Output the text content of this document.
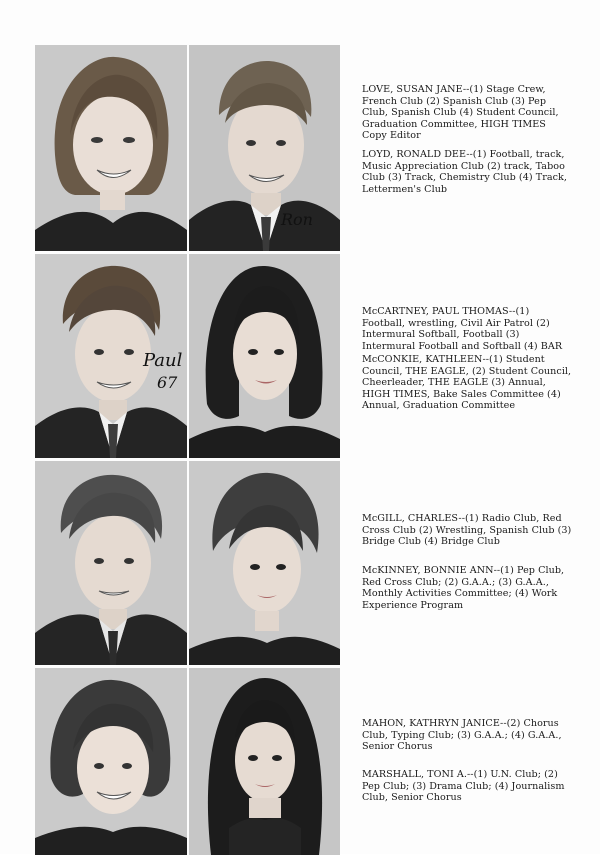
Ron
Paul
67

LOVE, SUSAN JANE--(1) Stage Crew, French Club (2) Spanish Club (3) Pep Club, Spanish Club (4) Student Council, Graduation Committee, HIGH TIMES Copy Editor

LOYD, RONALD DEE--(1) Football, track, Music Appreciation Club (2) track, Taboo Club (3) Track, Chemistry Club (4) Track, Lettermen's Club

McCARTNEY, PAUL THOMAS--(1) Football, wrestling, Civil Air Patrol (2) Intermural Softball, Football (3) Intermural Football and Softball (4) BAR

McCONKIE, KATHLEEN--(1) Student Council, THE EAGLE, (2) Student Council, Cheerleader, THE EAGLE (3) Annual, HIGH TIMES, Bake Sales Committee (4) Annual, Graduation Committee

McGILL, CHARLES--(1) Radio Club, Red Cross Club (2) Wrestling, Spanish Club (3) Bridge Club (4) Bridge Club

McKINNEY, BONNIE ANN--(1) Pep Club, Red Cross Club; (2) G.A.A.; (3) G.A.A., Monthly Activities Committee; (4) Work Experience Program

MAHON, KATHRYN JANICE--(2) Chorus Club, Typing Club; (3) G.A.A.; (4) G.A.A., Senior Chorus

MARSHALL, TONI A.--(1) U.N. Club; (2) Pep Club; (3) Drama Club; (4) Journalism Club, Senior Chorus
